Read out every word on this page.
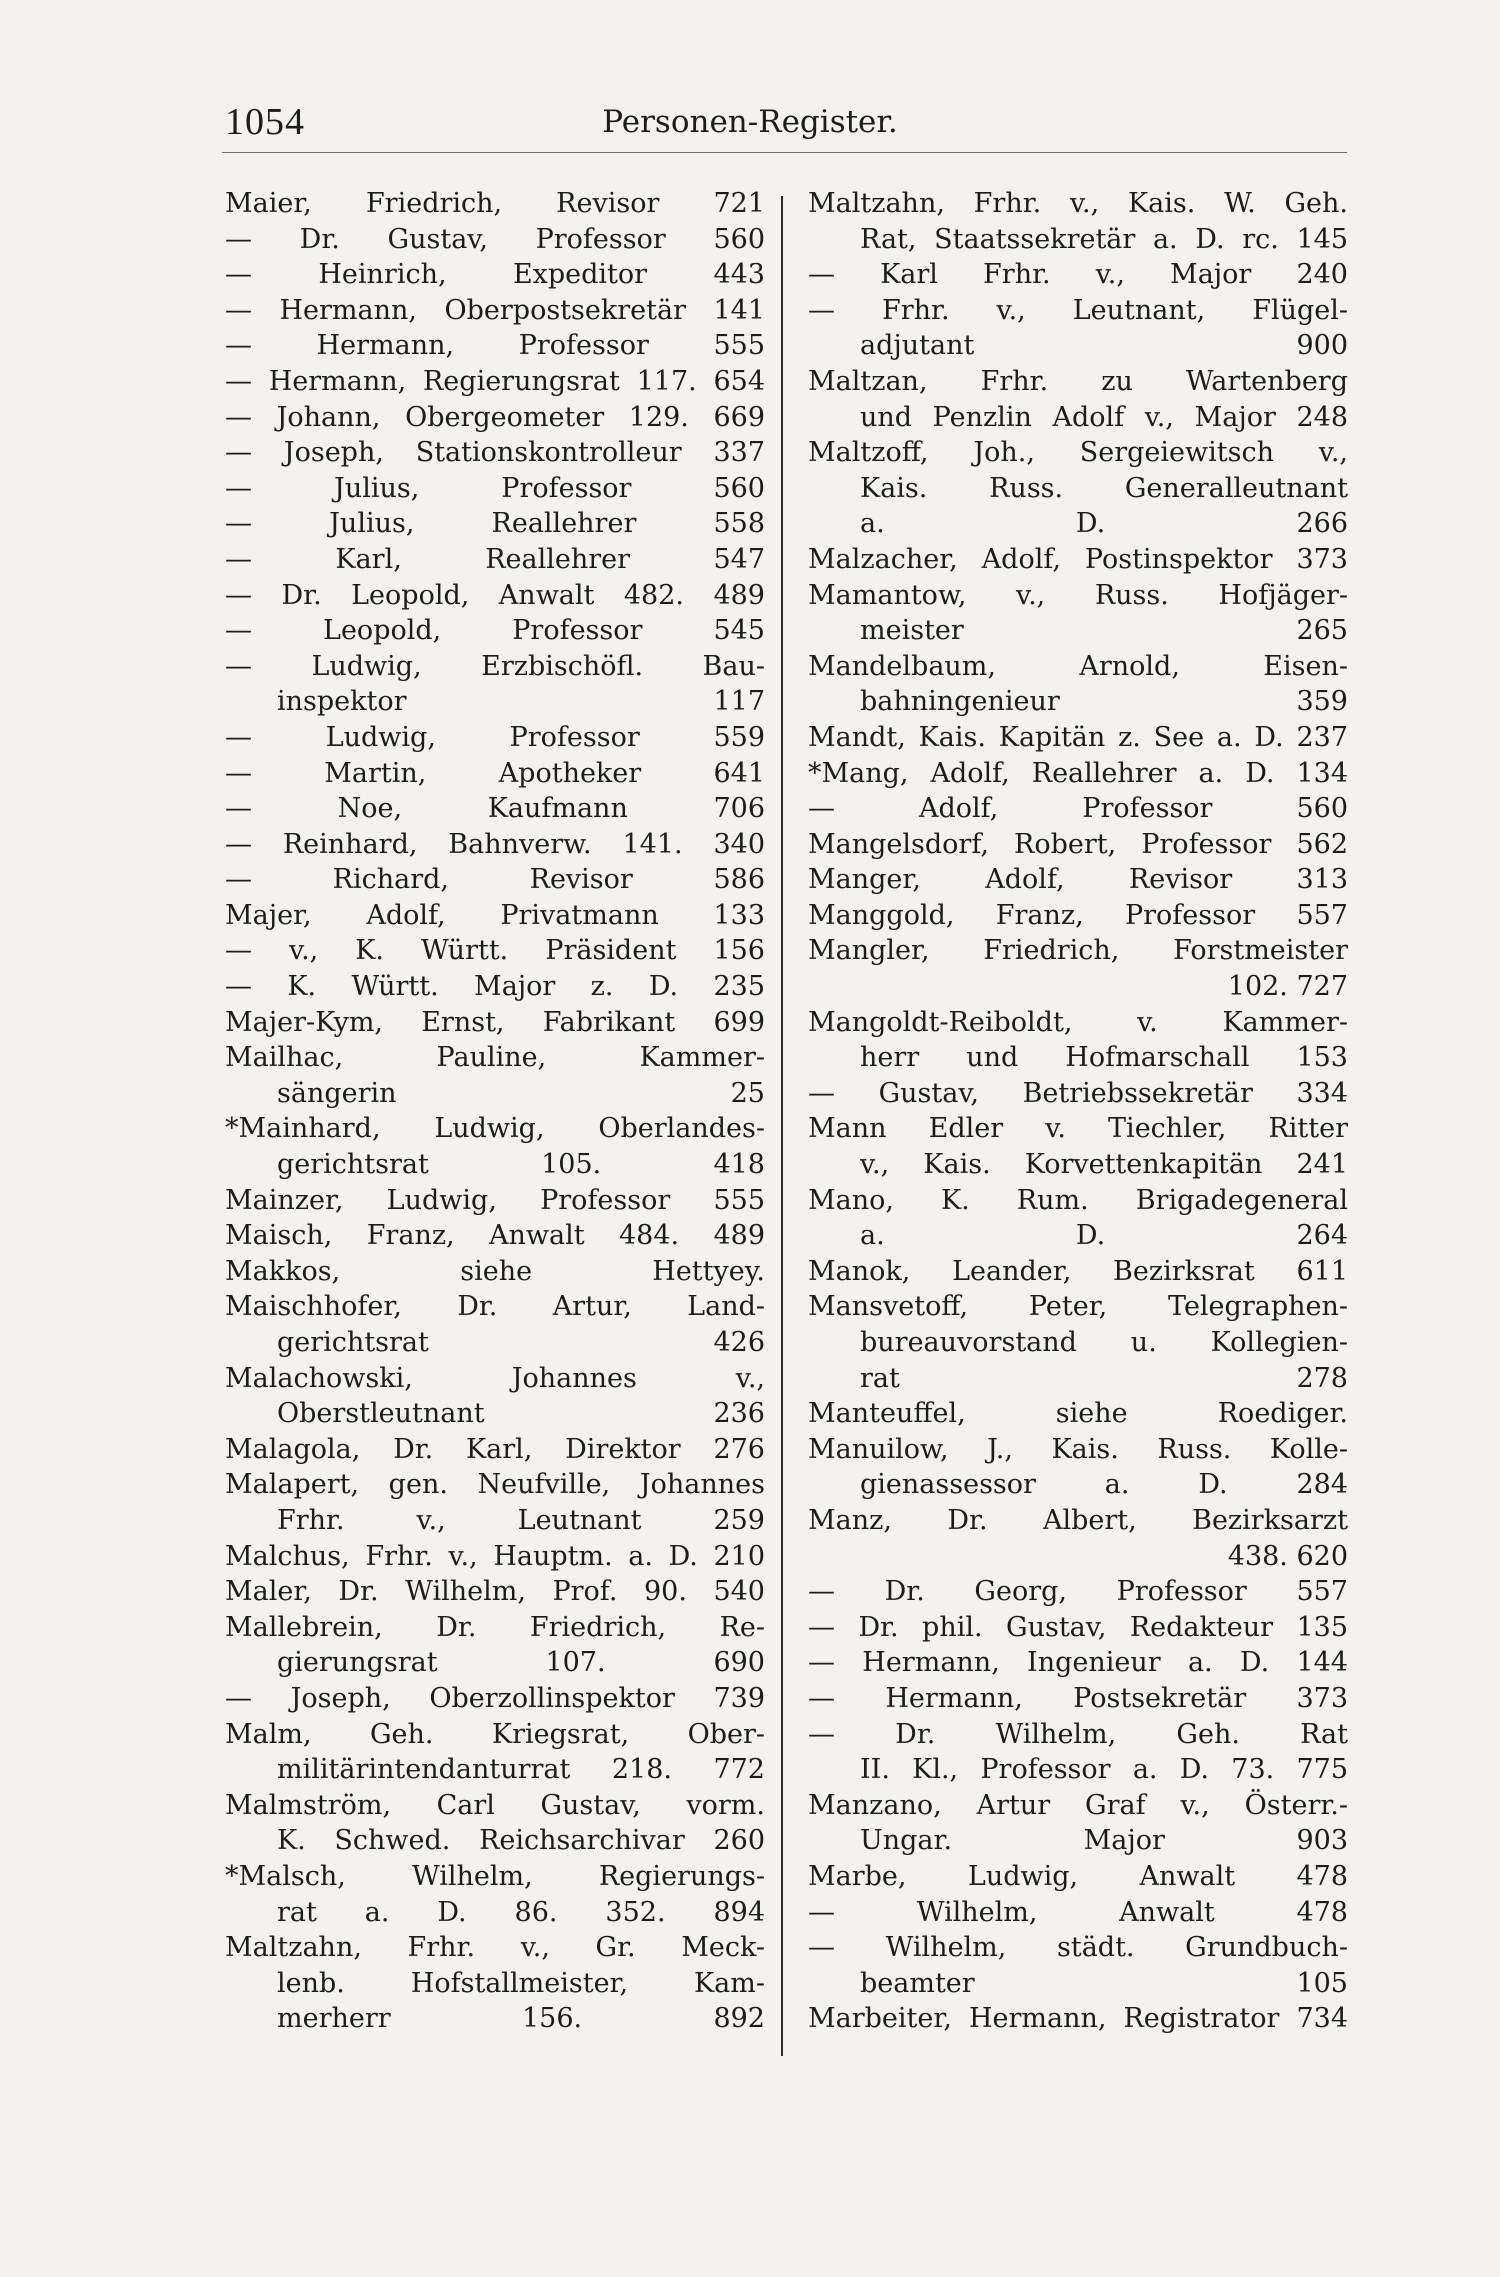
1054	Personen-Register.
Maier, Friedrich, Revisor 721
— Dr. Gustav, Professor 560
— Heinrich, Expeditor 443
— Hermann, Oberpostsekretär 141
— Hermann, Professor 555
— Hermann, Regierungsrat 117. 654
— Johann, Obergeometer 129. 669
— Joseph, Stationskontrolleur 337
— Julius, Professor 560
— Julius, Reallehrer 558
— Karl, Reallehrer 547
— Dr. Leopold, Anwalt 482. 489
— Leopold, Professor 545
— Ludwig, Erzbischöfl. Bau-
inspektor 117
— Ludwig, Professor 559
— Martin, Apotheker 641
— Noe, Kaufmann 706
— Reinhard, Bahnverw. 141. 340
— Richard, Revisor 586
Majer, Adolf, Privatmann 133
— v., K. Württ. Präsident 156
— K. Württ. Major z. D. 235
Majer-Kym, Ernst, Fabrikant 699
Mailhac, Pauline, Kammer-
sängerin 25
*Mainhard, Ludwig, Oberlandes-
gerichtsrat 105. 418
Mainzer, Ludwig, Professor 555
Maisch, Franz, Anwalt 484. 489
Makkos, siehe Hettyey.
Maischhofer, Dr. Artur, Land-
gerichtsrat 426
Malachowski, Johannes v.,
Oberstleutnant 236
Malagola, Dr. Karl, Direktor 276
Malapert, gen. Neufville, Johannes
Frhr. v., Leutnant 259
Malchus, Frhr. v., Hauptm. a. D. 210
Maler, Dr. Wilhelm, Prof. 90. 540
Mallebrein, Dr. Friedrich, Re-
gierungsrat 107. 690
— Joseph, Oberzollinspektor 739
Malm, Geh. Kriegsrat, Ober-
militärintendanturrat 218. 772
Malmström, Carl Gustav, vorm.
K. Schwed. Reichsarchivar 260
*Malsch, Wilhelm, Regierungs-
rat a. D. 86. 352. 894
Maltzahn, Frhr. v., Gr. Meck-
lenb. Hofstallmeister, Kam-
merherr 156. 892
Maltzahn, Frhr. v., Kais. W. Geh.
Rat, Staatssekretär a. D. rc. 145
— Karl Frhr. v., Major 240
— Frhr. v., Leutnant, Flügel-
adjutant 900
Maltzan, Frhr. zu Wartenberg
und Penzlin Adolf v., Major 248
Maltzoff, Joh., Sergeiewitsch v.,
Kais. Russ. Generalleutnant
a. D. 266
Malzacher, Adolf, Postinspektor 373
Mamantow, v., Russ. Hofjäger-
meister 265
Mandelbaum, Arnold, Eisen-
bahningenieur 359
Mandt, Kais. Kapitän z. See a. D. 237
*Mang, Adolf, Reallehrer a. D. 134
— Adolf, Professor 560
Mangelsdorf, Robert, Professor 562
Manger, Adolf, Revisor 313
Manggold, Franz, Professor 557
Mangler, Friedrich, Forstmeister
102. 727
Mangoldt-Reiboldt, v. Kammer-
herr und Hofmarschall 153
— Gustav, Betriebssekretär 334
Mann Edler v. Tiechler, Ritter
v., Kais. Korvettenkapitän 241
Mano, K. Rum. Brigadegeneral
a. D. 264
Manok, Leander, Bezirksrat 611
Mansvetoff, Peter, Telegraphen-
bureauvorstand u. Kollegien-
rat 278
Manteuffel, siehe Roediger.
Manuilow, J., Kais. Russ. Kolle-
gienassessor a. D. 284
Manz, Dr. Albert, Bezirksarzt
438. 620
— Dr. Georg, Professor 557
— Dr. phil. Gustav, Redakteur 135
— Hermann, Ingenieur a. D. 144
— Hermann, Postsekretär 373
— Dr. Wilhelm, Geh. Rat
II. Kl., Professor a. D. 73. 775
Manzano, Artur Graf v., Österr.-
Ungar. Major 903
Marbe, Ludwig, Anwalt 478
— Wilhelm, Anwalt 478
— Wilhelm, städt. Grundbuch-
beamter 105
Marbeiter, Hermann, Registrator 734
